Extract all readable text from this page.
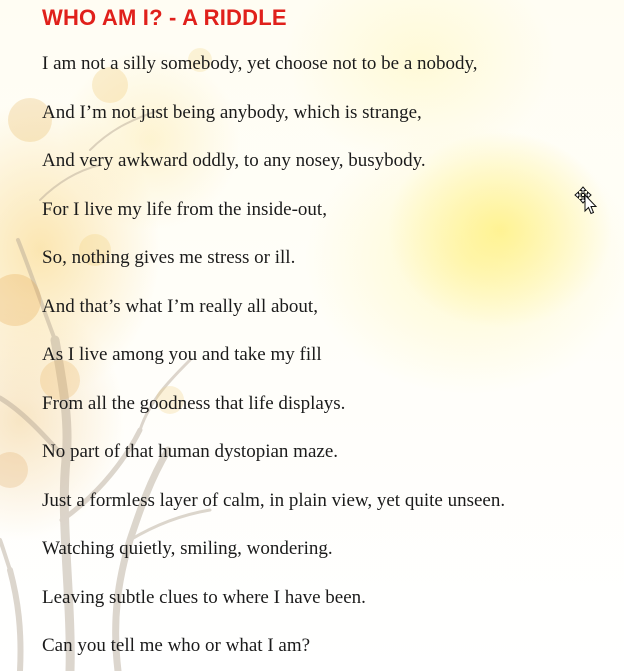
WHO AM I? - A RIDDLE
I am not a silly somebody, yet choose not to be a nobody,
And I’m not just being anybody, which is strange,
And very awkward oddly, to any nosey, busybody.
For I live my life from the inside-out,
So, nothing gives me stress or ill.
And that’s what I’m really all about,
As I live among you and take my fill
From all the goodness that life displays.
No part of that human dystopian maze.
Just a formless layer of calm, in plain view, yet quite unseen.
Watching quietly, smiling, wondering.
Leaving subtle clues to where I have been.
Can you tell me who or what I am?
